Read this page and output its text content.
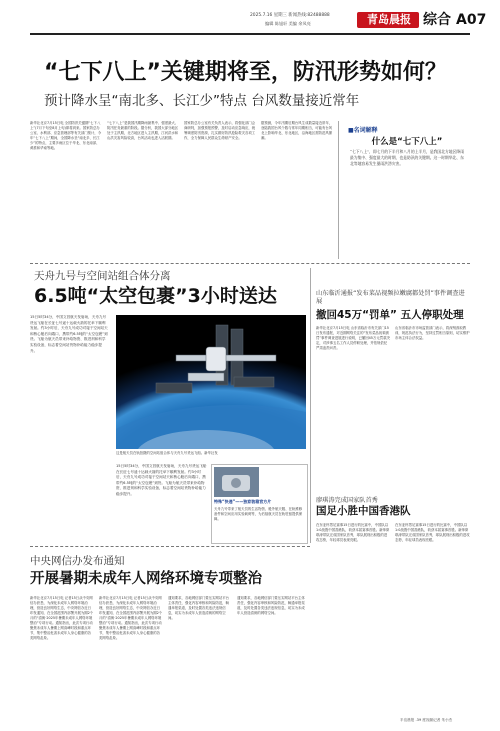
2025.7.16 星期三 新闻热线:82488888
编辑 陈旭轩 美编 余凤亮	青岛晨报 综合 A07
“七下八上”关键期将至，防汛形势如何？
预计降水呈“南北多、长江少”特点 台风数量接近常年
新华社北京7月15日电 全国防汛关键期“七下八上”(7月下旬至8月上旬)即将到来。国家防总办公室、水利部、应急管理部等有关部门预计，今年“七下八上”期间，全国降水呈“南北多、长江少”的特点，主要多雨区位于华北、东北南部、黄淮和华南等地。
“七下八上”是我国汛期降雨最集中、强度最大、防汛任务最重的阶段。据分析，我国大部分地区处于主汛期，北方地区进入主汛期，江河洪水和山洪灾害风险较高，台风活动也进入活跃期。
国家防总办公室有关负责人表示，将强化部门会商研判，加强预报预警，及时启动应急响应，统筹调度防汛资源，扎实做好防汛抢险救灾各项工作，全力保障人民群众生命财产安全。
据预测，今年汛期后期台风生成数量接近常年，登陆我国台风个数与常年同期相当，可能有台风北上影响华北、东北地区，沿海地区需防范风暴潮。
■名词解释
什么是“七下八上”
“七下八上”，即七月的下半月和八月的上半月，是我国北方地区降雨最为集中、强度最大的时期，也是防汛的关键期。这一时期华北、东北等地容易发生暴雨洪涝灾害。
天舟九号与空间站组合体分离
6.5吨“太空包裹”3小时送达
15日5时34分，中国文昌航天发射场，天舟九号货运飞船在长征七号遥十运载火箭的托举下顺利发射。约3小时后，天舟九号成功对接于空间站天和核心舱后向端口，携带约6.5吨的“太空包裹”到货。飞船为航天员带来补给物资、推进剂和科学实验设备，标志着空间站货物补给能力稳步提升。
这是航天员在轨拍摄的空间站组合体与天舟九号货运飞船。新华社发
15日5时34分，中国文昌航天发射场，天舟九号货运飞船在长征七号遥十运载火箭的托举下顺利发射。约3小时后，天舟九号成功对接于空间站天和核心舱后向端口，携带约6.5吨的“太空包裹”到货。飞船为航天员带来补给物资、推进剂和科学实验设备，标志着空间站货物补给能力稳步提升。
特殊“快递”——独家装箱宫方片
天舟九号带来了航天员的生活物资、舱外航天服、在轨维修备件和空间应用实验载荷等，为后续航天员在轨驻留提供保障。
山东临沂通报“发布菜品视频拉嫩腐都处罚”事件调查进展
撤回45万“罚单” 五人停职处理
新华社北京7月15日电 山东省临沂市有关部门15日发布通报，对近期网络关注的“发布菜品视频被罚”事件调查进展进行说明，已撤回45万元罚款决定，对涉事五名工作人员停职处理，并依规依纪严肃追责问责。
山东省临沂市市场监管部门表示，将深刻汲取教训，规范执法行为，坚持过罚相当原则，切实维护市场主体合法权益。
廖琪涛完成国家队首秀
国足小胜中国香港队
在东亚杯男足赛事15日进行的比赛中，中国队以1:0战胜中国香港队，收获本届赛事首胜。新帅廖琪涛带队完成国家队首秀，球队展现出积极的进攻态势，年轻球员表现亮眼。
在东亚杯男足赛事15日进行的比赛中，中国队以1:0战胜中国香港队，收获本届赛事首胜。新帅廖琪涛带队完成国家队首秀，球队展现出积极的进攻态势，年轻球员表现亮眼。
中央网信办发布通知
开展暑期未成年人网络环境专项整治
新华社北京7月15日电 记者15日从中央网信办获悉，为深化未成年人网络环境治理，营造良好网络生态，中央网信办近日印发通知，在全国范围内部署开展为期2个月的“清朗·2025年暑期未成年人网络环境整治”专项行动。通知指出，此次专项行动聚焦未成年人暑期上网高峰时段和重点环节，集中整治危害未成年人身心健康的各类网络乱象。
新华社北京7月15日电 记者15日从中央网信办获悉，为深化未成年人网络环境治理，营造良好网络生态，中央网信办近日印发通知，在全国范围内部署开展为期2个月的“清朗·2025年暑期未成年人网络环境整治”专项行动。通知指出，此次专项行动聚焦未成年人暑期上网高峰时段和重点环节，集中整治危害未成年人身心健康的各类网络乱象。
通知要求，各地网信部门要压实网站平台主体责任，强化内容审核和风险防范，畅通举报渠道，及时处置各类违法违规信息，切实为未成年人营造清朗的网络空间。
通知要求，各地网信部门要压实网站平台主体责任，强化内容审核和风险防范，畅通举报渠道，及时处置各类违法违规信息，切实为未成年人营造清朗的网络空间。
半岛晨报 .39 度视频记者 朱小杰
